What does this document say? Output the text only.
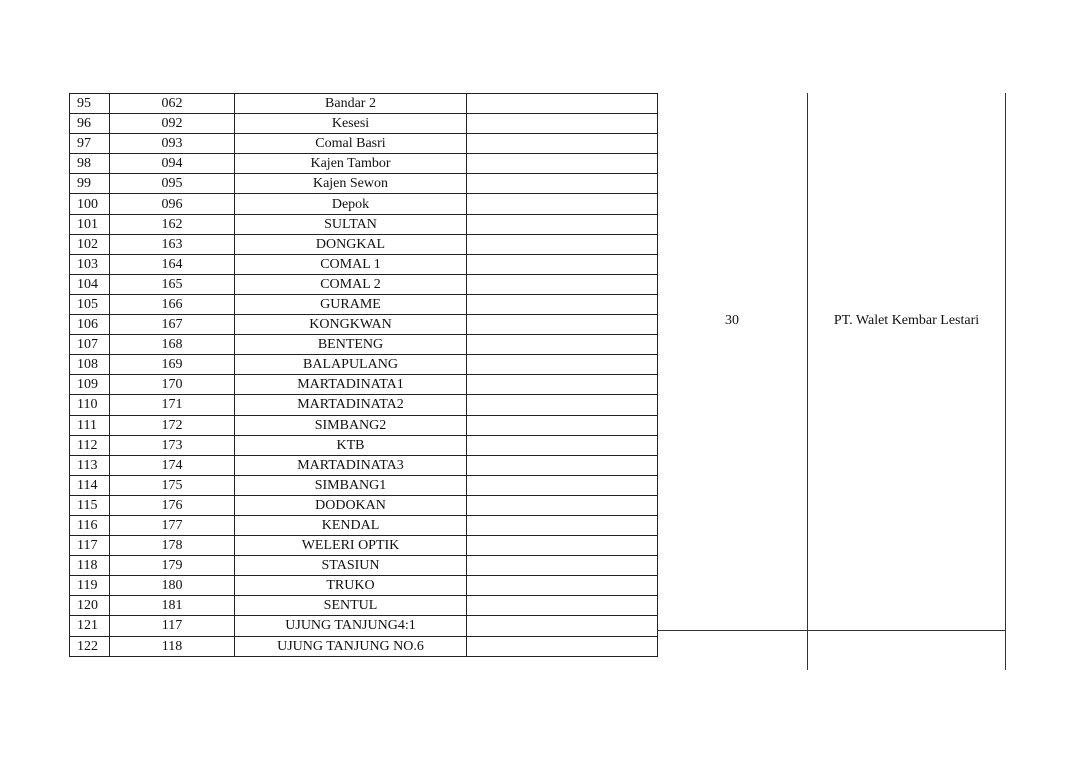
95	062	Bandar 2	
96	092	Kesesi	
97	093	Comal Basri	
98	094	Kajen Tambor	
99	095	Kajen Sewon	
100	096	Depok	
101	162	SULTAN	
102	163	DONGKAL	
103	164	COMAL 1	
104	165	COMAL 2	
105	166	GURAME	
106	167	KONGKWAN	
107	168	BENTENG	
108	169	BALAPULANG	
109	170	MARTADINATA1	
110	171	MARTADINATA2	
111	172	SIMBANG2	
112	173	KTB	
113	174	MARTADINATA3	
114	175	SIMBANG1	
115	176	DODOKAN	
116	177	KENDAL	
117	178	WELERI OPTIK	
118	179	STASIUN	
119	180	TRUKO	
120	181	SENTUL	
121	117	UJUNG TANJUNG4:1	
122	118	UJUNG TANJUNG NO.6	
30	PT. Walet Kembar Lestari
